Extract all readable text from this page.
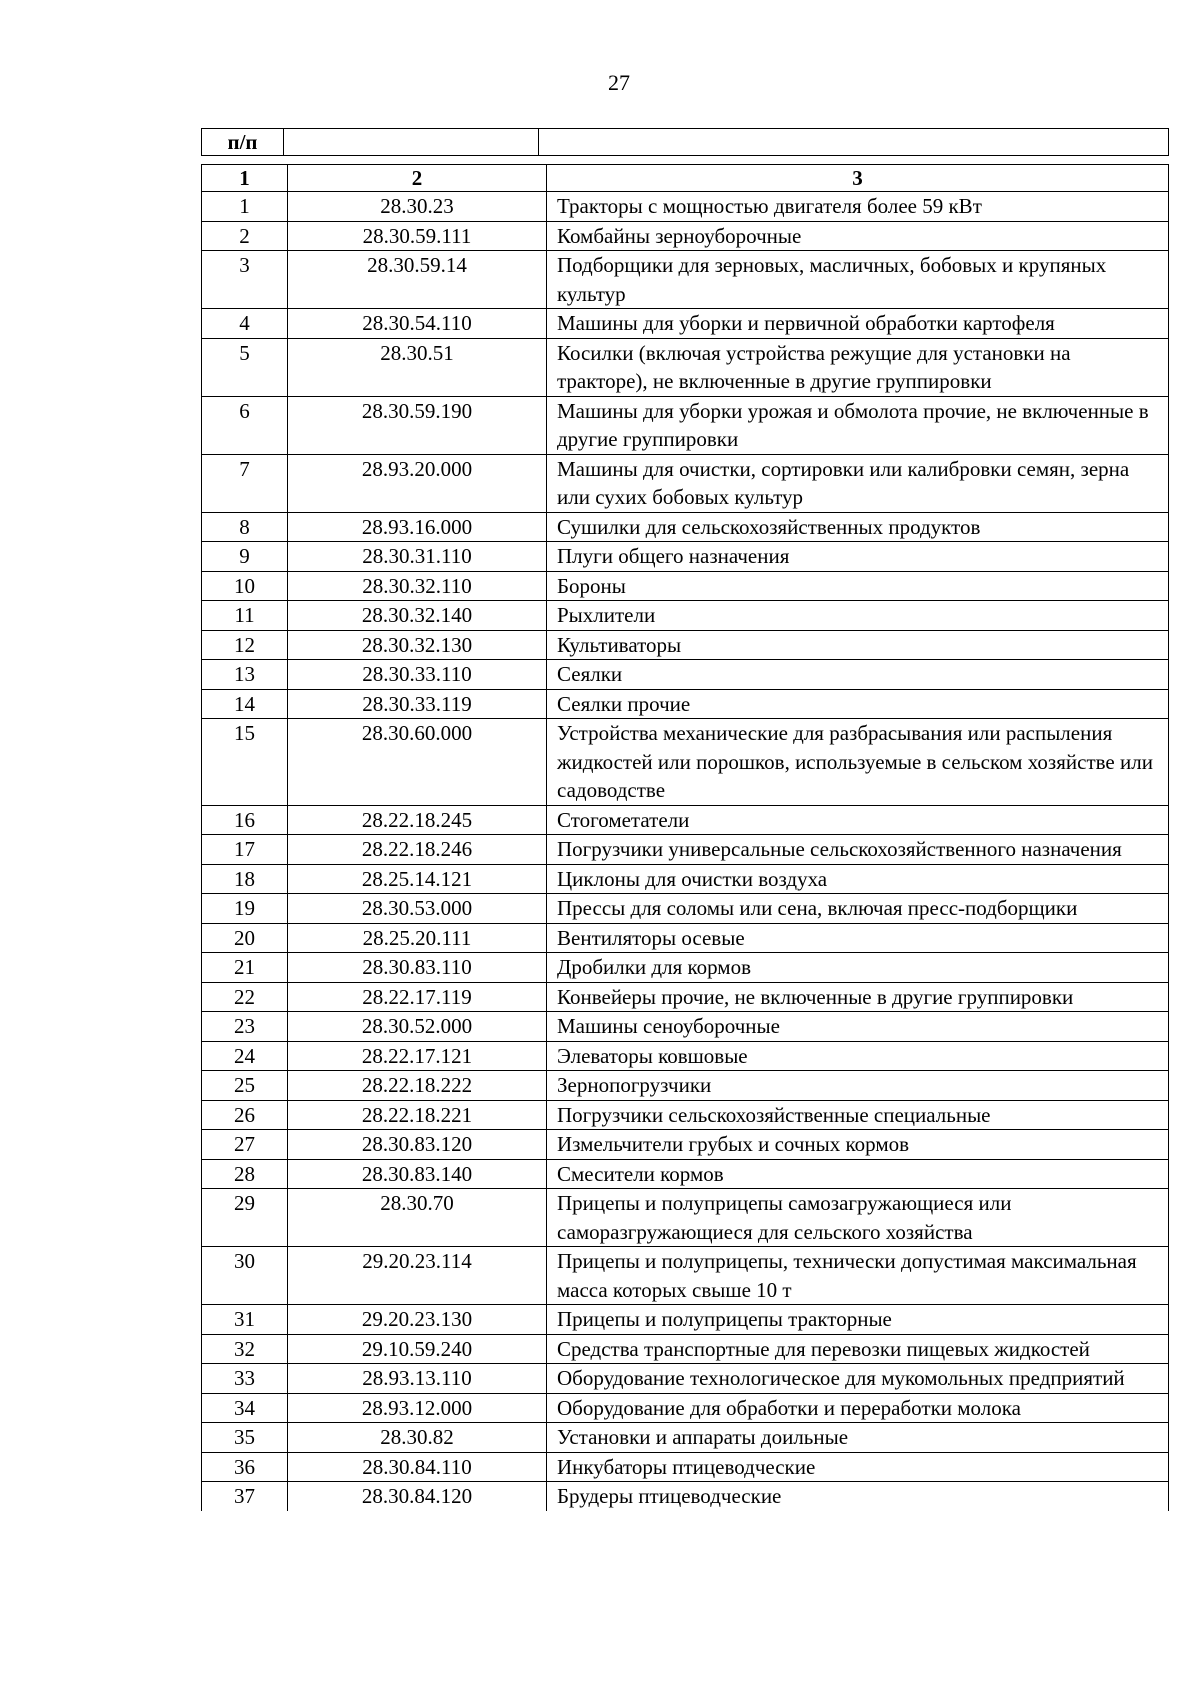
27
п/п		
1	2	3
1	28.30.23	Тракторы с мощностью двигателя более 59 кВт
2	28.30.59.111	Комбайны зерноуборочные
3	28.30.59.14	Подборщики для зерновых, масличных, бобовых и крупяных культур
4	28.30.54.110	Машины для уборки и первичной обработки картофеля
5	28.30.51	Косилки (включая устройства режущие для установки на тракторе), не включенные в другие группировки
6	28.30.59.190	Машины для уборки урожая и обмолота прочие, не включенные в другие группировки
7	28.93.20.000	Машины для очистки, сортировки или калибровки семян, зерна или сухих бобовых культур
8	28.93.16.000	Сушилки для сельскохозяйственных продуктов
9	28.30.31.110	Плуги общего назначения
10	28.30.32.110	Бороны
11	28.30.32.140	Рыхлители
12	28.30.32.130	Культиваторы
13	28.30.33.110	Сеялки
14	28.30.33.119	Сеялки прочие
15	28.30.60.000	Устройства механические для разбрасывания или распыления жидкостей или порошков, используемые в сельском хозяйстве или садоводстве
16	28.22.18.245	Стогометатели
17	28.22.18.246	Погрузчики универсальные сельскохозяйственного назначения
18	28.25.14.121	Циклоны для очистки воздуха
19	28.30.53.000	Прессы для соломы или сена, включая пресс-подборщики
20	28.25.20.111	Вентиляторы осевые
21	28.30.83.110	Дробилки для кормов
22	28.22.17.119	Конвейеры прочие, не включенные в другие группировки
23	28.30.52.000	Машины сеноуборочные
24	28.22.17.121	Элеваторы ковшовые
25	28.22.18.222	Зернопогрузчики
26	28.22.18.221	Погрузчики сельскохозяйственные специальные
27	28.30.83.120	Измельчители грубых и сочных кормов
28	28.30.83.140	Смесители кормов
29	28.30.70	Прицепы и полуприцепы самозагружающиеся или саморазгружающиеся для сельского хозяйства
30	29.20.23.114	Прицепы и полуприцепы, технически допустимая максимальная масса которых свыше 10 т
31	29.20.23.130	Прицепы и полуприцепы тракторные
32	29.10.59.240	Средства транспортные для перевозки пищевых жидкостей
33	28.93.13.110	Оборудование технологическое для мукомольных предприятий
34	28.93.12.000	Оборудование для обработки и переработки молока
35	28.30.82	Установки и аппараты доильные
36	28.30.84.110	Инкубаторы птицеводческие
37	28.30.84.120	Брудеры птицеводческие
